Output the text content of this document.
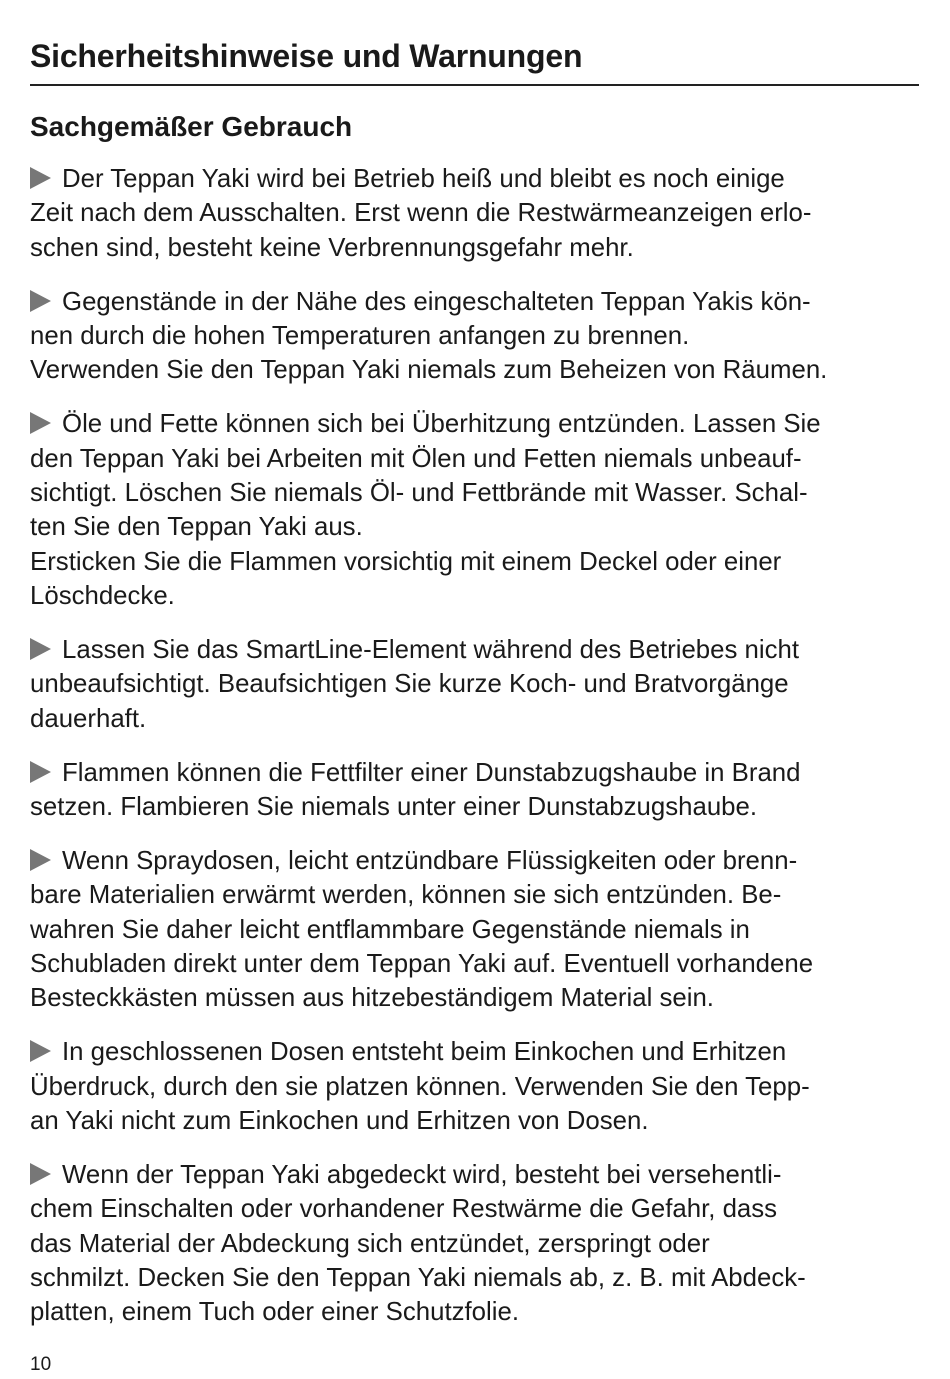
Sicherheitshinweise und Warnungen
Sachgemäßer Gebrauch

Der Teppan Yaki wird bei Betrieb heiß und bleibt es noch einige
Zeit nach dem Ausschalten. Erst wenn die Restwärmeanzeigen erlo-
schen sind, besteht keine Verbrennungsgefahr mehr.

Gegenstände in der Nähe des eingeschalteten Teppan Yakis kön-
nen durch die hohen Temperaturen anfangen zu brennen.
Verwenden Sie den Teppan Yaki niemals zum Beheizen von Räumen.

Öle und Fette können sich bei Überhitzung entzünden. Lassen Sie
den Teppan Yaki bei Arbeiten mit Ölen und Fetten niemals unbeauf-
sichtigt. Löschen Sie niemals Öl- und Fettbrände mit Wasser. Schal-
ten Sie den Teppan Yaki aus.
Ersticken Sie die Flammen vorsichtig mit einem Deckel oder einer
Löschdecke.

Lassen Sie das SmartLine-Element während des Betriebes nicht
unbeaufsichtigt. Beaufsichtigen Sie kurze Koch- und Bratvorgänge
dauerhaft.

Flammen können die Fettfilter einer Dunstabzugshaube in Brand
setzen. Flambieren Sie niemals unter einer Dunstabzugshaube.

Wenn Spraydosen, leicht entzündbare Flüssigkeiten oder brenn-
bare Materialien erwärmt werden, können sie sich entzünden. Be-
wahren Sie daher leicht entflammbare Gegenstände niemals in
Schubladen direkt unter dem Teppan Yaki auf. Eventuell vorhandene
Besteckkästen müssen aus hitzebeständigem Material sein.

In geschlossenen Dosen entsteht beim Einkochen und Erhitzen
Überdruck, durch den sie platzen können. Verwenden Sie den Tepp-
an Yaki nicht zum Einkochen und Erhitzen von Dosen.

Wenn der Teppan Yaki abgedeckt wird, besteht bei versehentli-
chem Einschalten oder vorhandener Restwärme die Gefahr, dass
das Material der Abdeckung sich entzündet, zerspringt oder
schmilzt. Decken Sie den Teppan Yaki niemals ab, z. B. mit Abdeck-
platten, einem Tuch oder einer Schutzfolie.

10
